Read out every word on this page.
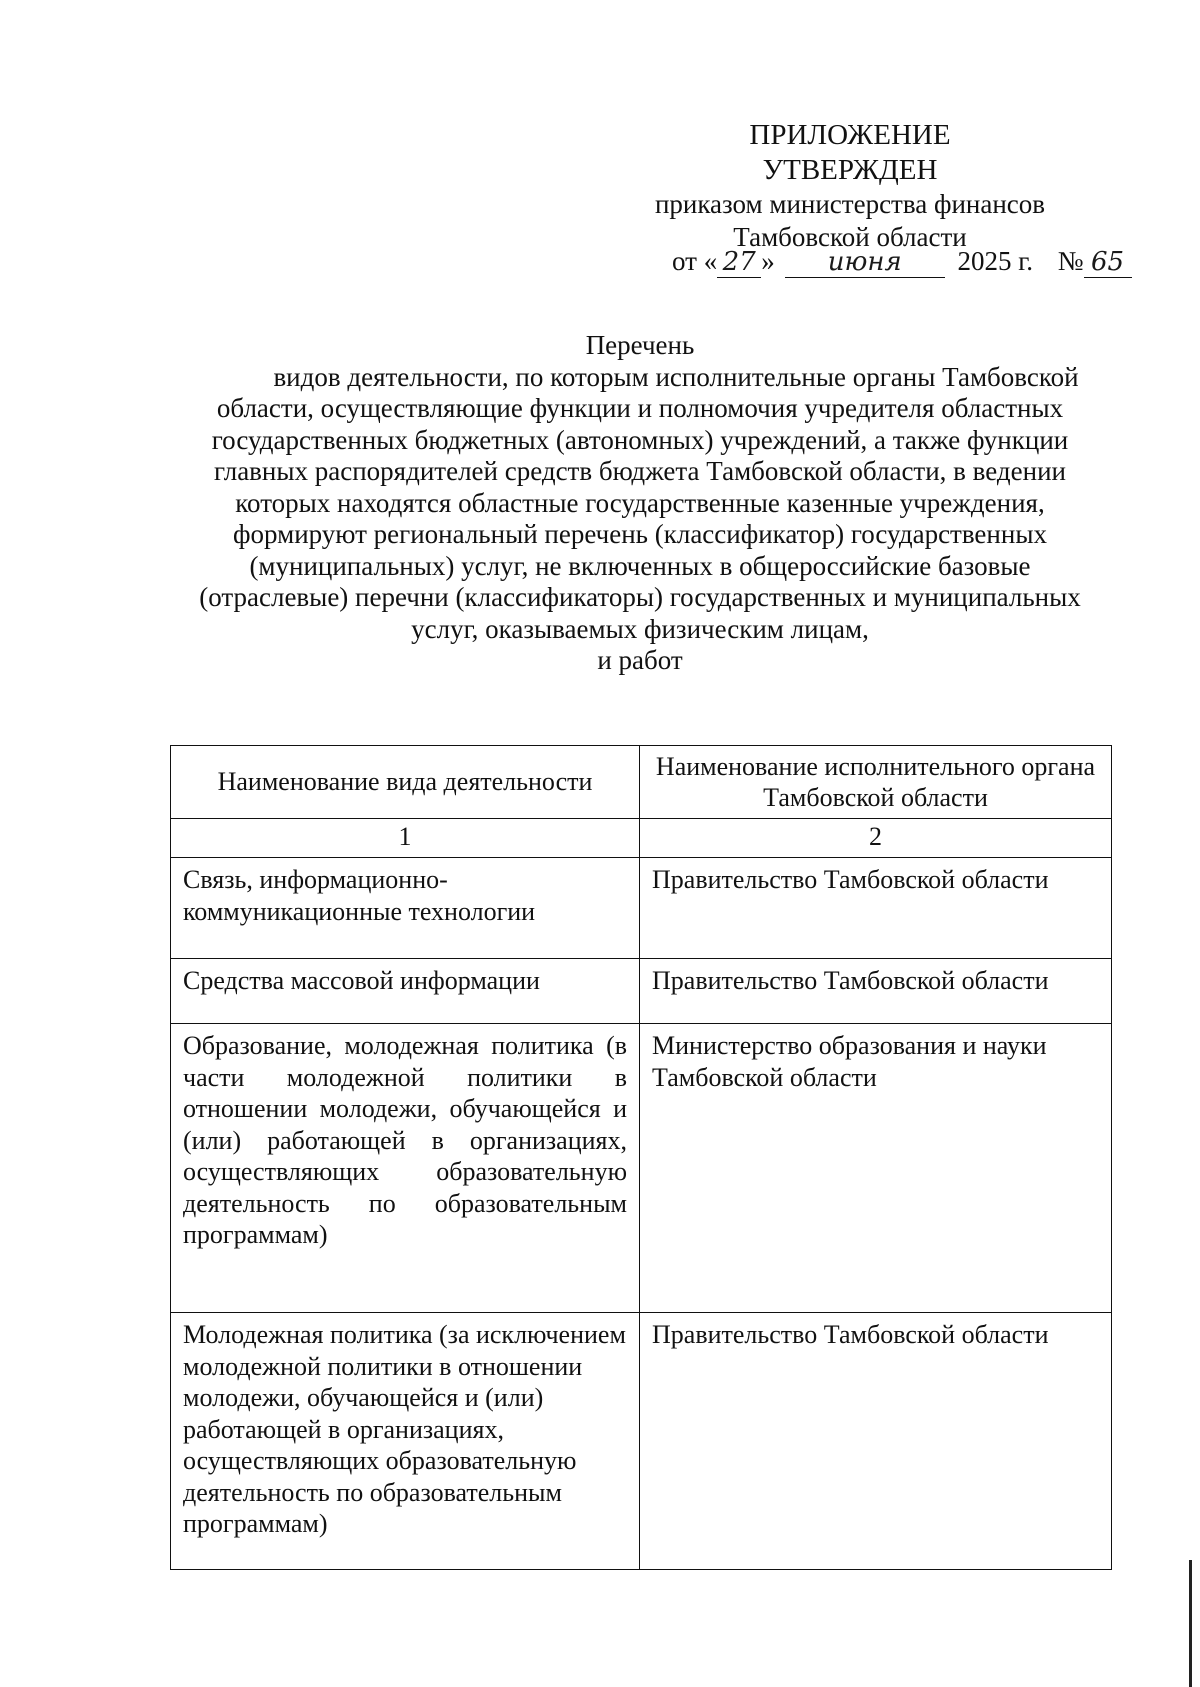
ПРИЛОЖЕНИЕ
УТВЕРЖДЕН
приказом министерства финансов
Тамбовской области
от « 27 » июня 2025 г. № 65
Перечень
видов деятельности, по которым исполнительные органы Тамбовской
области, осуществляющие функции и полномочия учредителя областных
государственных бюджетных (автономных) учреждений, а также функции
главных распорядителей средств бюджета Тамбовской области, в ведении
которых находятся областные государственные казенные учреждения,
формируют региональный перечень (классификатор) государственных
(муниципальных) услуг, не включенных в общероссийские базовые
(отраслевые) перечни (классификаторы) государственных и муниципальных
услуг, оказываемых физическим лицам,
и работ
Наименование вида деятельности	Наименование исполнительного органа Тамбовской области
1	2
Связь, информационно-коммуникационные технологии	Правительство Тамбовской области
Средства массовой информации	Правительство Тамбовской области
Образование, молодежная политика (в части молодежной политики в отношении молодежи, обучающейся и (или) работающей в организациях, осуществляющих образовательную деятельность по образовательным программам)	Министерство образования и науки Тамбовской области
Молодежная политика (за исключением молодежной политики в отношении молодежи, обучающейся и (или) работающей в организациях, осуществляющих образовательную деятельность по образовательным программам)	Правительство Тамбовской области
